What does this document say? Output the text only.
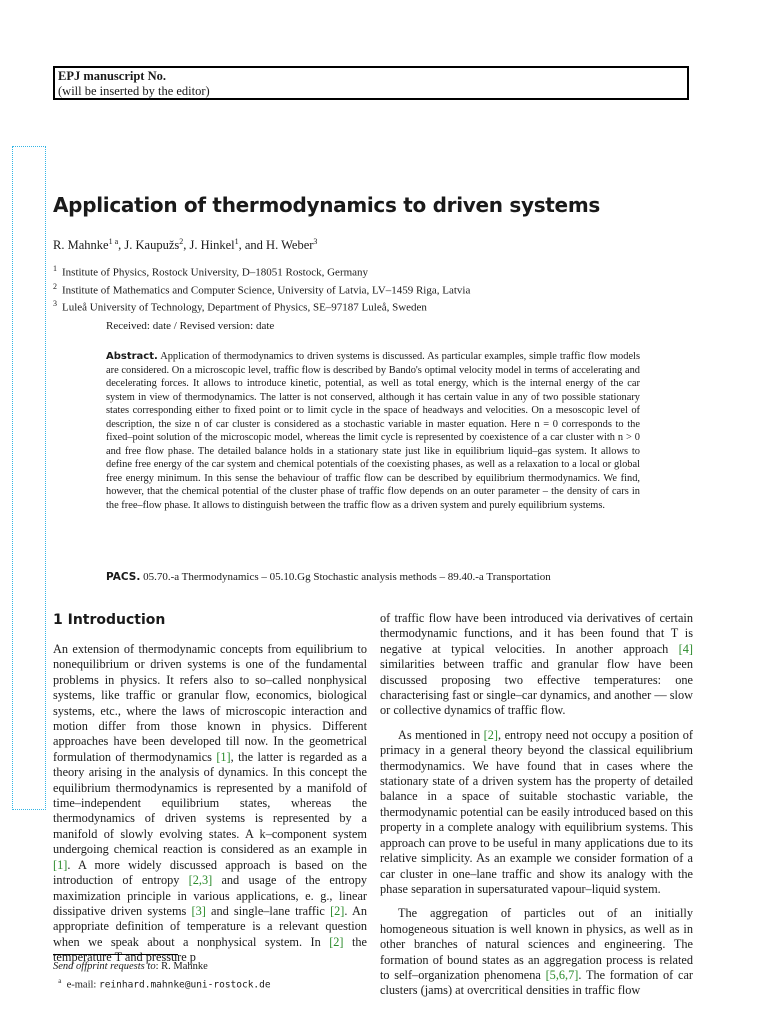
EPJ manuscript No.
(will be inserted by the editor)
Application of thermodynamics to driven systems
R. Mahnke$^{1 a}$, J. Kaupužs$^2$, J. Hinkel$^1$, and H. Weber$^3$
$^1$ Institute of Physics, Rostock University, D–18051 Rostock, Germany
$^2$ Institute of Mathematics and Computer Science, University of Latvia, LV–1459 Riga, Latvia
$^3$ Luleå University of Technology, Department of Physics, SE–97187 Luleå, Sweden
Received: date / Revised version: date
Abstract. Application of thermodynamics to driven systems is discussed. As particular examples, simple traffic flow models are considered. On a microscopic level, traffic flow is described by Bando's optimal velocity model in terms of accelerating and decelerating forces. It allows to introduce kinetic, potential, as well as total energy, which is the internal energy of the car system in view of thermodynamics. The latter is not conserved, although it has certain value in any of two possible stationary states corresponding either to fixed point or to limit cycle in the space of headways and velocities. On a mesoscopic level of description, the size n of car cluster is considered as a stochastic variable in master equation. Here n = 0 corresponds to the fixed–point solution of the microscopic model, whereas the limit cycle is represented by coexistence of a car cluster with n > 0 and free flow phase. The detailed balance holds in a stationary state just like in equilibrium liquid–gas system. It allows to define free energy of the car system and chemical potentials of the coexisting phases, as well as a relaxation to a local or global free energy minimum. In this sense the behaviour of traffic flow can be described by equilibrium thermodynamics. We find, however, that the chemical potential of the cluster phase of traffic flow depends on an outer parameter – the density of cars in the free–flow phase. It allows to distinguish between the traffic flow as a driven system and purely equilibrium systems.
PACS. 05.70.-a Thermodynamics – 05.10.Gg Stochastic analysis methods – 89.40.-a Transportation
1 Introduction

An extension of thermodynamic concepts from equilibrium to nonequilibrium or driven systems is one of the fundamental problems in physics. It refers also to so–called nonphysical systems, like traffic or granular flow, economics, biological systems, etc., where the laws of microscopic interaction and motion differ from those known in physics. Different approaches have been developed till now. In the geometrical formulation of thermodynamics [1], the latter is regarded as a theory arising in the analysis of dynamics. In this concept the equilibrium thermodynamics is represented by a manifold of time–independent equilibrium states, whereas the thermodynamics of driven systems is represented by a manifold of slowly evolving states. A k–component system undergoing chemical reaction is considered as an example in [1]. A more widely discussed approach is based on the introduction of entropy [2,3] and usage of the entropy maximization principle in various applications, e. g., linear dissipative driven systems [3] and single–lane traffic [2]. An appropriate definition of temperature is a relevant question when we speak about a nonphysical system. In [2] the temperature T and pressure p

of traffic flow have been introduced via derivatives of certain thermodynamic functions, and it has been found that T is negative at typical velocities. In another approach [4] similarities between traffic and granular flow have been discussed proposing two effective temperatures: one characterising fast or single–car dynamics, and another — slow or collective dynamics of traffic flow.

As mentioned in [2], entropy need not occupy a position of primacy in a general theory beyond the classical equilibrium thermodynamics. We have found that in cases where the stationary state of a driven system has the property of detailed balance in a space of suitable stochastic variable, the thermodynamic potential can be easily introduced based on this property in a complete analogy with equilibrium systems. This approach can prove to be useful in many applications due to its relative simplicity. As an example we consider formation of a car cluster in one–lane traffic and show its analogy with the phase separation in supersaturated vapour–liquid system.

The aggregation of particles out of an initially homogeneous situation is well known in physics, as well as in other branches of natural sciences and engineering. The formation of bound states as an aggregation process is related to self–organization phenomena [5,6,7]. The formation of car clusters (jams) at overcritical densities in traffic flow

Send offprint requests to: R. Mahnke
$^a$ e-mail: reinhard.mahnke@uni-rostock.de
